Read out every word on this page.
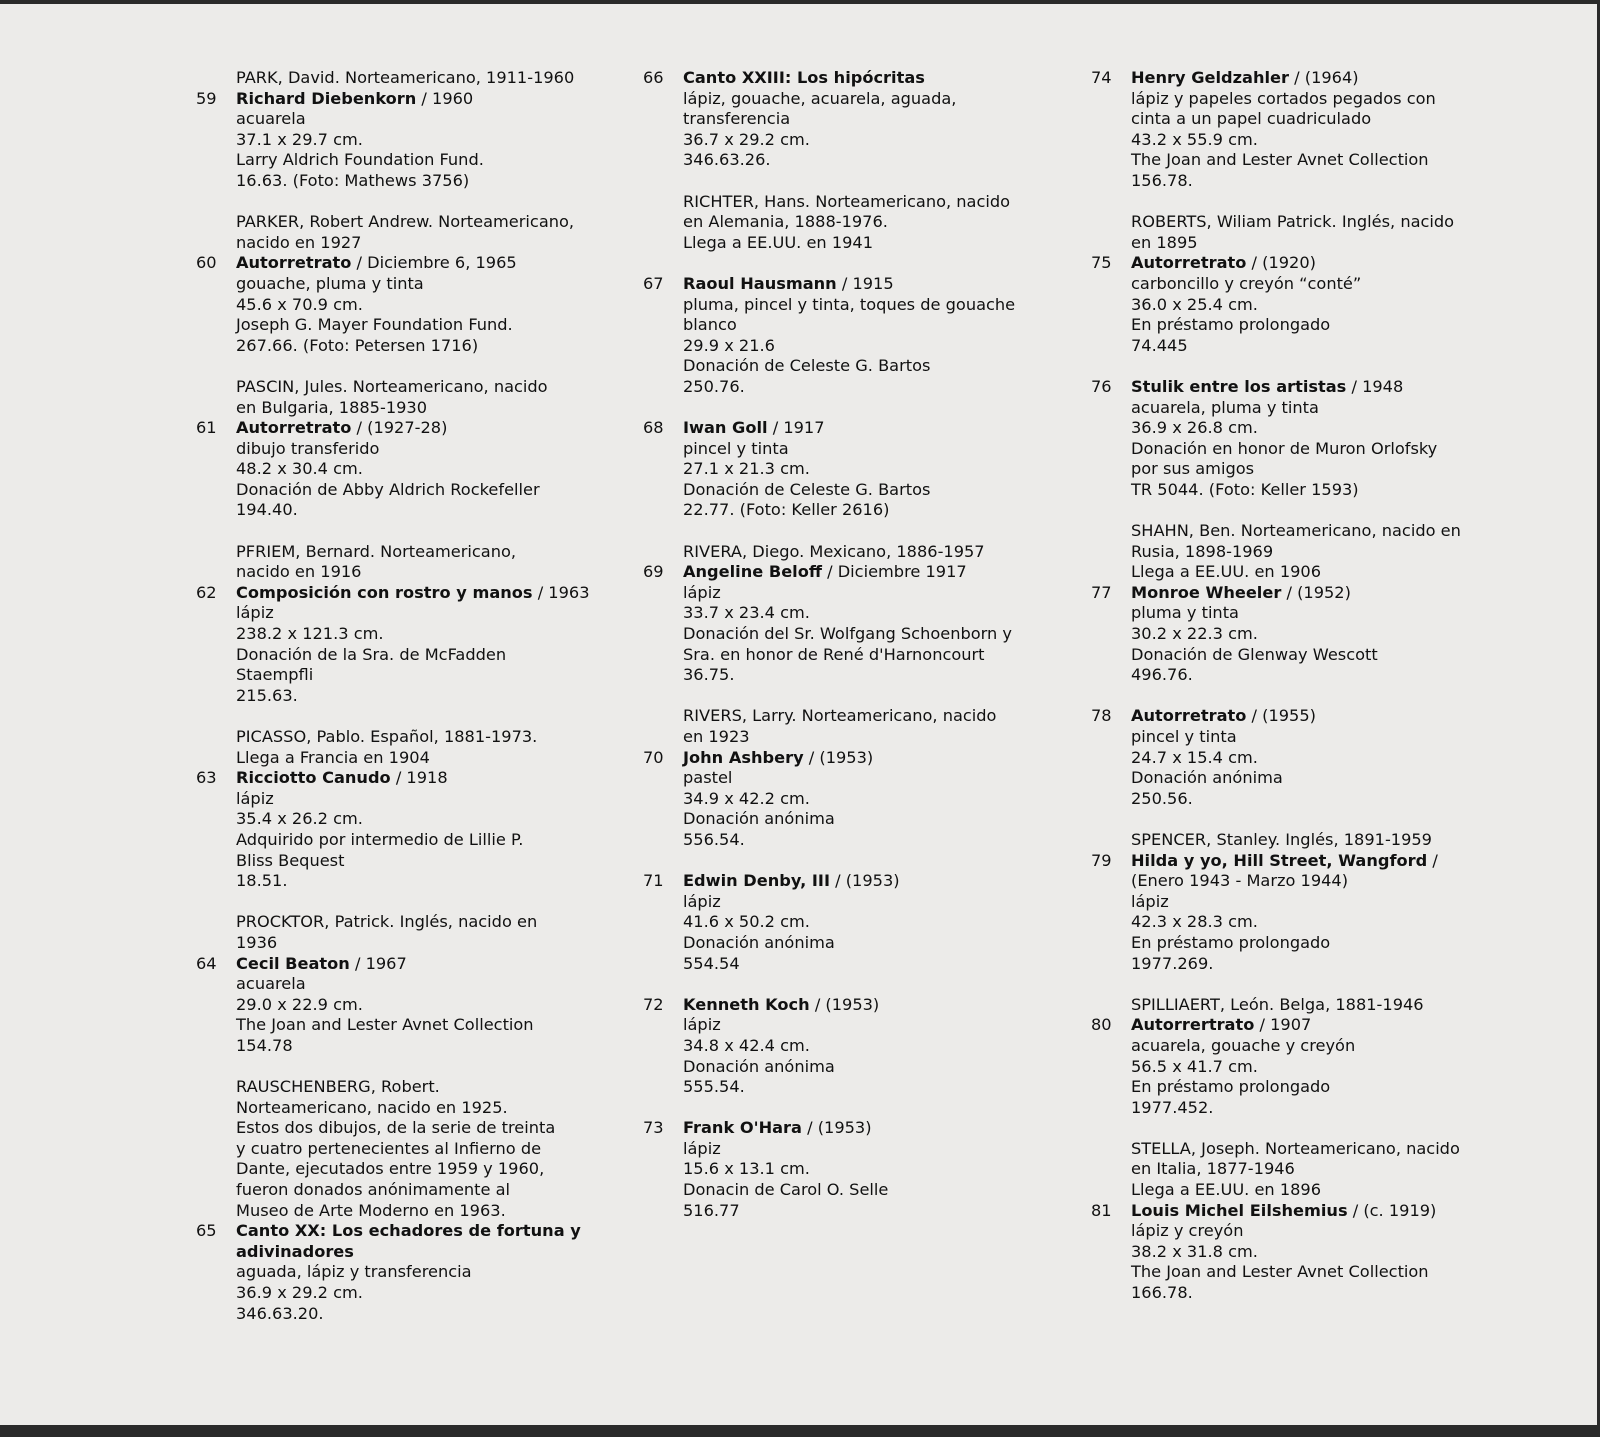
PARK, David. Norteamericano, 1911-1960
59	Richard Diebenkorn / 1960
acuarela
37.1 x 29.7 cm.
Larry Aldrich Foundation Fund.
16.63. (Foto: Mathews 3756)
PARKER, Robert Andrew. Norteamericano,
nacido en 1927
60	Autorretrato / Diciembre 6, 1965
gouache, pluma y tinta
45.6 x 70.9 cm.
Joseph G. Mayer Foundation Fund.
267.66. (Foto: Petersen 1716)
PASCIN, Jules. Norteamericano, nacido
en Bulgaria, 1885-1930
61	Autorretrato / (1927-28)
dibujo transferido
48.2 x 30.4 cm.
Donación de Abby Aldrich Rockefeller
194.40.
PFRIEM, Bernard. Norteamericano,
nacido en 1916
62	Composición con rostro y manos / 1963
lápiz
238.2 x 121.3 cm.
Donación de la Sra. de McFadden
Staempfli
215.63.
PICASSO, Pablo. Español, 1881-1973.
Llega a Francia en 1904
63	Ricciotto Canudo / 1918
lápiz
35.4 x 26.2 cm.
Adquirido por intermedio de Lillie P.
Bliss Bequest
18.51.
PROCKTOR, Patrick. Inglés, nacido en
1936
64	Cecil Beaton / 1967
acuarela
29.0 x 22.9 cm.
The Joan and Lester Avnet Collection
154.78
RAUSCHENBERG, Robert.
Norteamericano, nacido en 1925.
Estos dos dibujos, de la serie de treinta
y cuatro pertenecientes al Infierno de
Dante, ejecutados entre 1959 y 1960,
fueron donados anónimamente al
Museo de Arte Moderno en 1963.
65	Canto XX: Los echadores de fortuna y
adivinadores
aguada, lápiz y transferencia
36.9 x 29.2 cm.
346.63.20.
66	Canto XXIII: Los hipócritas
lápiz, gouache, acuarela, aguada,
transferencia
36.7 x 29.2 cm.
346.63.26.
RICHTER, Hans. Norteamericano, nacido
en Alemania, 1888-1976.
Llega a EE.UU. en 1941
67	Raoul Hausmann / 1915
pluma, pincel y tinta, toques de gouache
blanco
29.9 x 21.6
Donación de Celeste G. Bartos
250.76.
68	Iwan Goll / 1917
pincel y tinta
27.1 x 21.3 cm.
Donación de Celeste G. Bartos
22.77. (Foto: Keller 2616)
RIVERA, Diego. Mexicano, 1886-1957
69	Angeline Beloff / Diciembre 1917
lápiz
33.7 x 23.4 cm.
Donación del Sr. Wolfgang Schoenborn y
Sra. en honor de René d'Harnoncourt
36.75.
RIVERS, Larry. Norteamericano, nacido
en 1923
70	John Ashbery / (1953)
pastel
34.9 x 42.2 cm.
Donación anónima
556.54.
71	Edwin Denby, III / (1953)
lápiz
41.6 x 50.2 cm.
Donación anónima
554.54
72	Kenneth Koch / (1953)
lápiz
34.8 x 42.4 cm.
Donación anónima
555.54.
73	Frank O'Hara / (1953)
lápiz
15.6 x 13.1 cm.
Donacin de Carol O. Selle
516.77
74	Henry Geldzahler / (1964)
lápiz y papeles cortados pegados con
cinta a un papel cuadriculado
43.2 x 55.9 cm.
The Joan and Lester Avnet Collection
156.78.
ROBERTS, Wiliam Patrick. Inglés, nacido
en 1895
75	Autorretrato / (1920)
carboncillo y creyón “conté”
36.0 x 25.4 cm.
En préstamo prolongado
74.445
76	Stulik entre los artistas / 1948
acuarela, pluma y tinta
36.9 x 26.8 cm.
Donación en honor de Muron Orlofsky
por sus amigos
TR 5044. (Foto: Keller 1593)
SHAHN, Ben. Norteamericano, nacido en
Rusia, 1898-1969
Llega a EE.UU. en 1906
77	Monroe Wheeler / (1952)
pluma y tinta
30.2 x 22.3 cm.
Donación de Glenway Wescott
496.76.
78	Autorretrato / (1955)
pincel y tinta
24.7 x 15.4 cm.
Donación anónima
250.56.
SPENCER, Stanley. Inglés, 1891-1959
79	Hilda y yo, Hill Street, Wangford /
(Enero 1943 - Marzo 1944)
lápiz
42.3 x 28.3 cm.
En préstamo prolongado
1977.269.
SPILLIAERT, León. Belga, 1881-1946
80	Autorrertrato / 1907
acuarela, gouache y creyón
56.5 x 41.7 cm.
En préstamo prolongado
1977.452.
STELLA, Joseph. Norteamericano, nacido
en Italia, 1877-1946
Llega a EE.UU. en 1896
81	Louis Michel Eilshemius / (c. 1919)
lápiz y creyón
38.2 x 31.8 cm.
The Joan and Lester Avnet Collection
166.78.
